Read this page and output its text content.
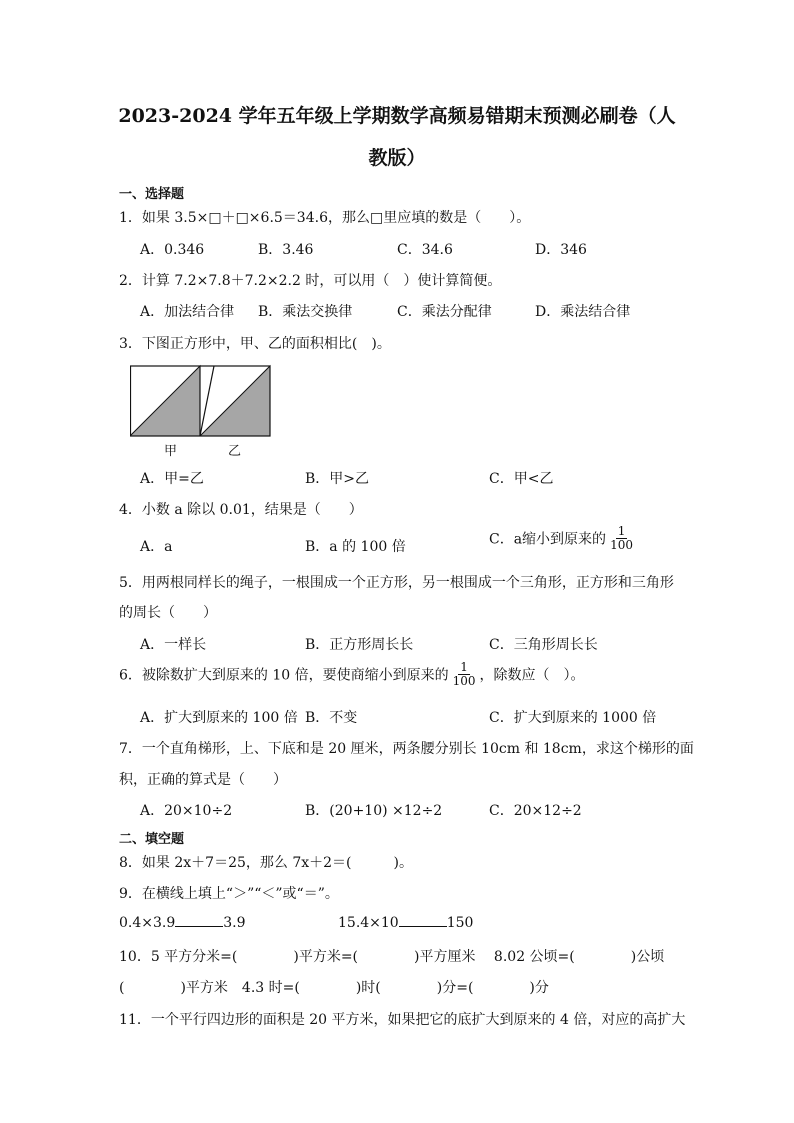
2023-2024 学年五年级上学期数学高频易错期末预测必刷卷（人
教版）
一、选择题
1．如果 3.5×□＋□×6.5＝34.6，那么□里应填的数是（　　）。
A．0.346	B．3.46	C．34.6	D．346
2．计算 7.2×7.8＋7.2×2.2 时，可以用（　）使计算简便。
A．加法结合律 B．乘法交换律	C．乘法分配律	D．乘法结合律
3．下图正方形中，甲、乙的面积相比(　)。
甲	乙
A．甲=乙	B．甲>乙	C．甲<乙
4．小数 a 除以 0.01，结果是（　　）
A．a	B．a 的 100 倍	C．a缩小到原来的 $\frac{1}{100}$
5．用两根同样长的绳子，一根围成一个正方形，另一根围成一个三角形，正方形和三角形
的周长（　　）
A．一样长	B．正方形周长长	C．三角形周长长
6．被除数扩大到原来的 10 倍，要使商缩小到原来的 $\frac{1}{100}$ ，除数应（　）。
A．扩大到原来的 100 倍 B．不变	C．扩大到原来的 1000 倍
7．一个直角梯形，上、下底和是 20 厘米，两条腰分别长 10cm 和 18cm，求这个梯形的面
积，正确的算式是（　　）
A．20×10÷2	B．(20+10) ×12÷2	C．20×12÷2
二、填空题
8．如果 2x＋7＝25，那么 7x＋2＝(　　　)。
9．在横线上填上“＞”“＜”或“＝”。
0.4×3.9	3.9	15.4×10	150
10．5 平方分米=(　　　　)平方米=(　　　　)平方厘米　 8.02 公顷=(　　　　)公顷
(　　　　)平方米　4.3 时=(　　　　)时(　　　　)分=(　　　　)分
11．一个平行四边形的面积是 20 平方米，如果把它的底扩大到原来的 4 倍，对应的高扩大
